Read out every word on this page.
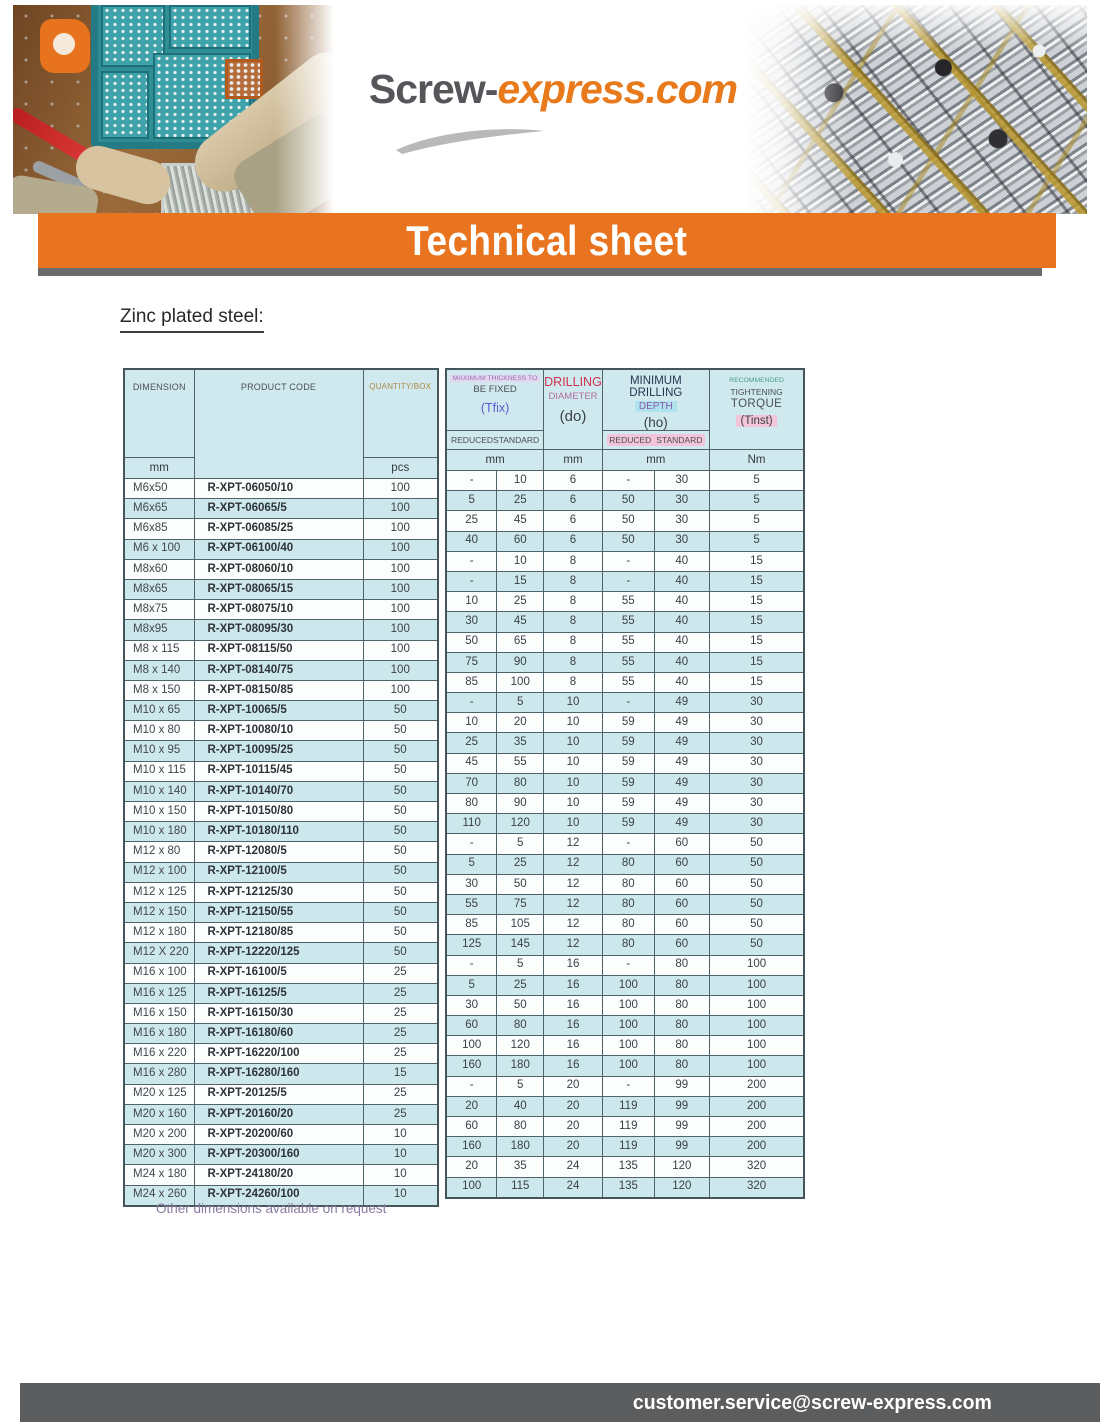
Screw-express.com
Technical sheet
Zinc plated steel:
DIMENSION	PRODUCT CODE	QUANTITY/BOX
mm		pcs
M6x50	R-XPT-06050/10	100
M6x65	R-XPT-06065/5	100
M6x85	R-XPT-06085/25	100
M6 x 100	R-XPT-06100/40	100
M8x60	R-XPT-08060/10	100
M8x65	R-XPT-08065/15	100
M8x75	R-XPT-08075/10	100
M8x95	R-XPT-08095/30	100
M8 x 115	R-XPT-08115/50	100
M8 x 140	R-XPT-08140/75	100
M8 x 150	R-XPT-08150/85	100
M10 x 65	R-XPT-10065/5	50
M10 x 80	R-XPT-10080/10	50
M10 x 95	R-XPT-10095/25	50
M10 x 115	R-XPT-10115/45	50
M10 x 140	R-XPT-10140/70	50
M10 x 150	R-XPT-10150/80	50
M10 x 180	R-XPT-10180/110	50
M12 x 80	R-XPT-12080/5	50
M12 x 100	R-XPT-12100/5	50
M12 x 125	R-XPT-12125/30	50
M12 x 150	R-XPT-12150/55	50
M12 x 180	R-XPT-12180/85	50
M12 X 220	R-XPT-12220/125	50
M16 x 100	R-XPT-16100/5	25
M16 x 125	R-XPT-16125/5	25
M16 x 150	R-XPT-16150/30	25
M16 x 180	R-XPT-16180/60	25
M16 x 220	R-XPT-16220/100	25
M16 x 280	R-XPT-16280/160	15
M20 x 125	R-XPT-20125/5	25
M20 x 160	R-XPT-20160/20	25
M20 x 200	R-XPT-20200/60	10
M20 x 300	R-XPT-20300/160	10
M24 x 180	R-XPT-24180/20	10
M24 x 260	R-XPT-24260/100	10
MAXIMUM THICKNESS TO
BE FIXED
(Tfix)		DRILLING
DIAMETER
(do)	MINIMUM DRILLING
DEPTH
(ho)		RECOMMENDED
TIGHTENING
TORQUE
(Tinst)

REDUCED STANDARD			REDUCED STANDARD		

mm		mm	mm		Nm
-	10	6	-	30	5
5	25	6	50	30	5
25	45	6	50	30	5
40	60	6	50	30	5
-	10	8	-	40	15
-	15	8	-	40	15
10	25	8	55	40	15
30	45	8	55	40	15
50	65	8	55	40	15
75	90	8	55	40	15
85	100	8	55	40	15
-	5	10	-	49	30
10	20	10	59	49	30
25	35	10	59	49	30
45	55	10	59	49	30
70	80	10	59	49	30
80	90	10	59	49	30
110	120	10	59	49	30
-	5	12	-	60	50
5	25	12	80	60	50
30	50	12	80	60	50
55	75	12	80	60	50
85	105	12	80	60	50
125	145	12	80	60	50
-	5	16	-	80	100
5	25	16	100	80	100
30	50	16	100	80	100
60	80	16	100	80	100
100	120	16	100	80	100
160	180	16	100	80	100
-	5	20	-	99	200
20	40	20	119	99	200
60	80	20	119	99	200
160	180	20	119	99	200
20	35	24	135	120	320
100	115	24	135	120	320
Other dimensions available on request
customer.service@screw-express.com
